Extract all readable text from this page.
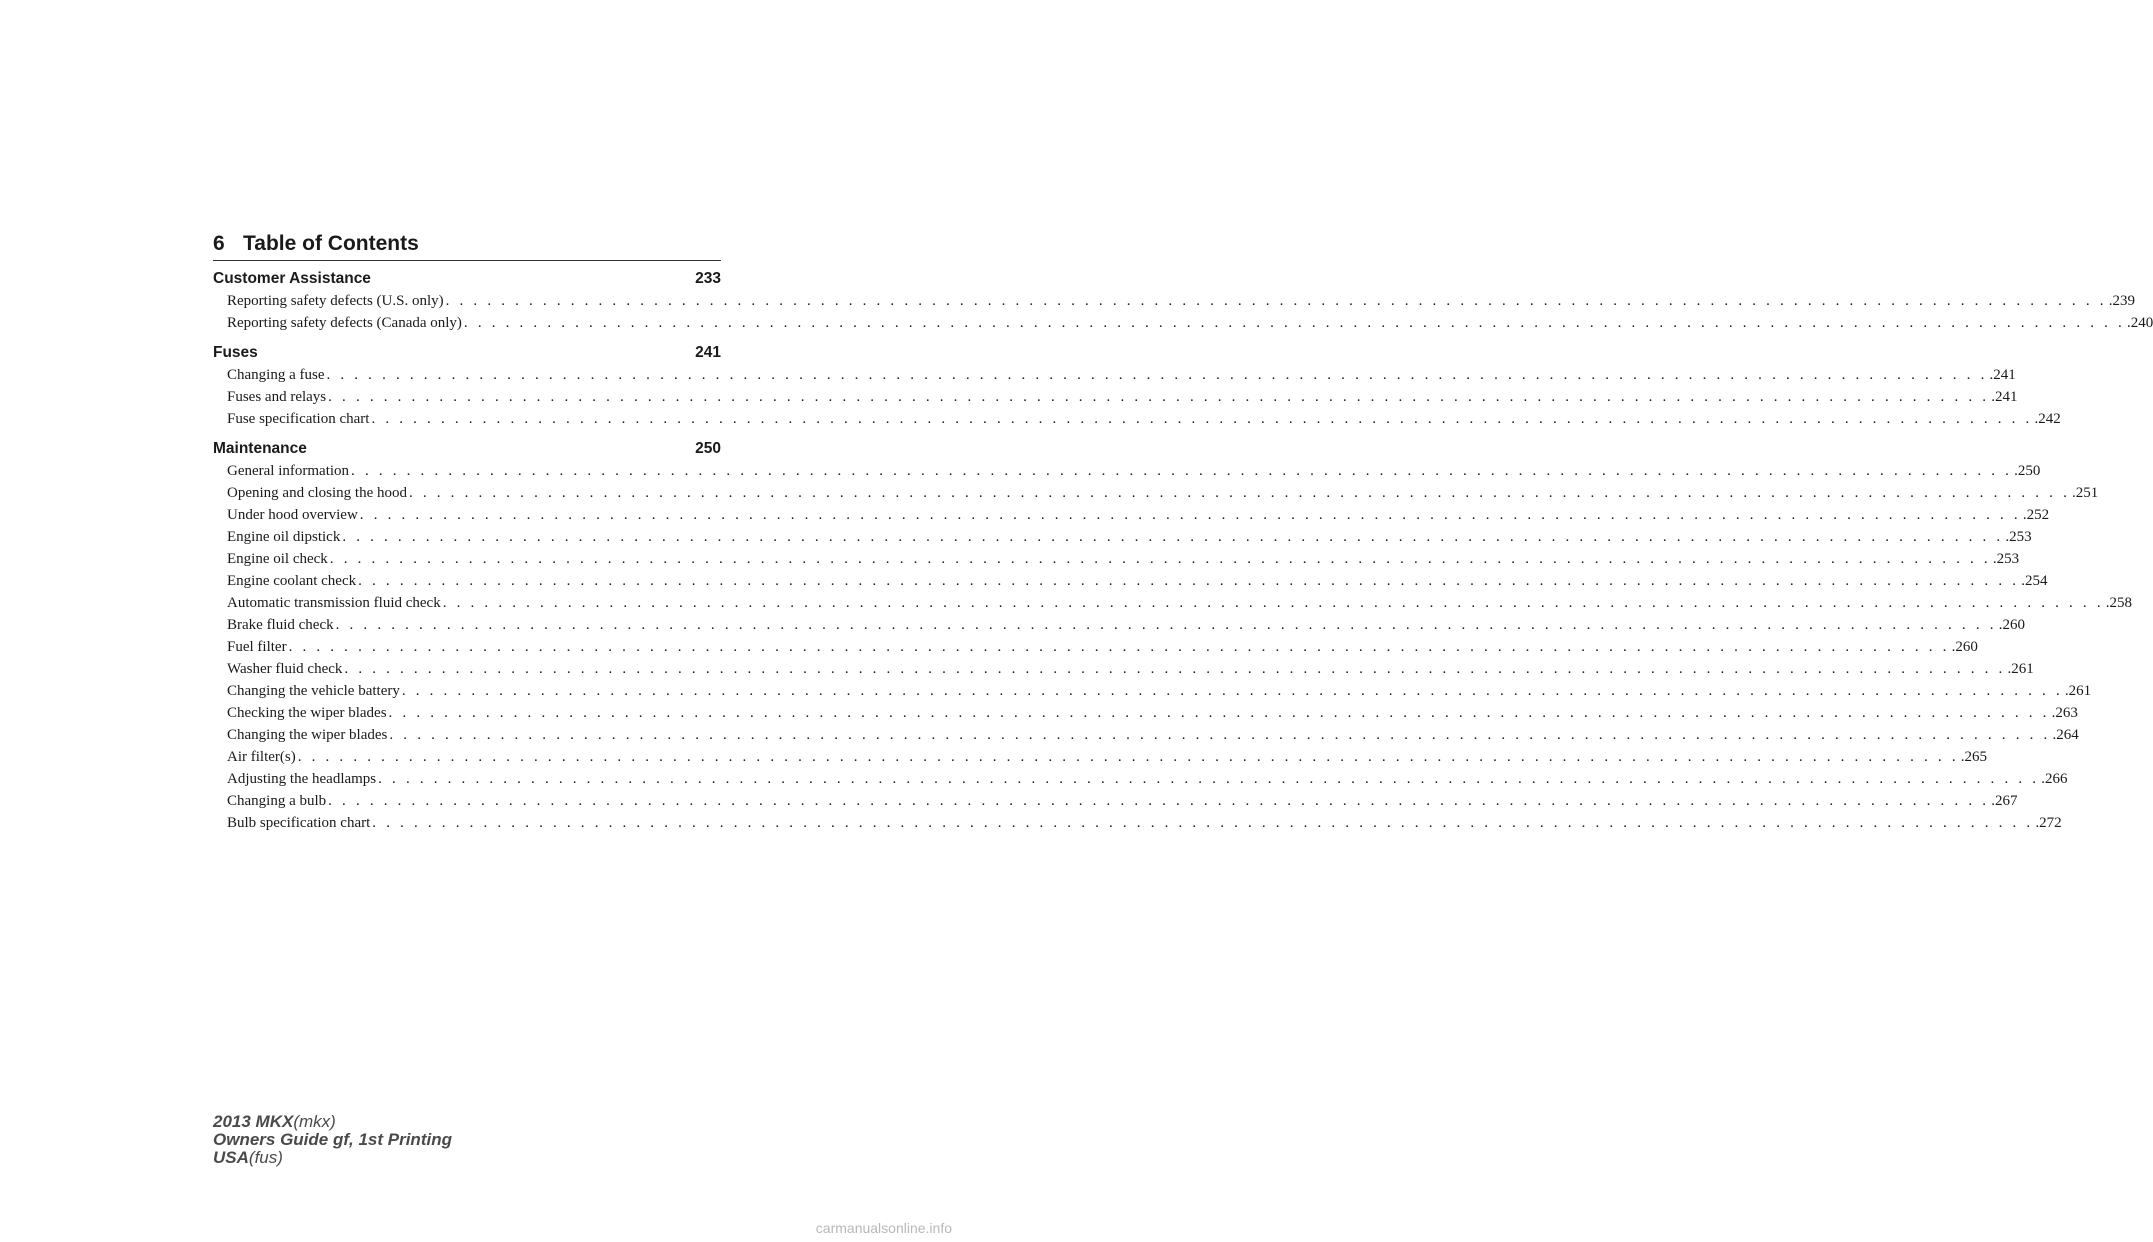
6 Table of Contents
Customer Assistance	233
Reporting safety defects (U.S. only) . . . . . . . . . . . . . . . . . . . . . . . . . . . . . . . . . . . . . . . . . . . . . . . . . . . . . . . . . . . . . . . . . . . . . . . . . . . . . . . . . . . . . . . . . . . . . . . . . . . . . . . . . . . . . . . . . . . . . . . . .239
Reporting safety defects (Canada only) . . . . . . . . . . . . . . . . . . . . . . . . . . . . . . . . . . . . . . . . . . . . . . . . . . . . . . . . . . . . . . . . . . . . . . . . . . . . . . . . . . . . . . . . . . . . . . . . . . . . . . . . . . . . . . . . . . . . . . . . .240
Fuses	241
Changing a fuse . . . . . . . . . . . . . . . . . . . . . . . . . . . . . . . . . . . . . . . . . . . . . . . . . . . . . . . . . . . . . . . . . . . . . . . . . . . . . . . . . . . . . . . . . . . . . . . . . . . . . . . . . . . . . . . . . . . . . . . . .241
Fuses and relays . . . . . . . . . . . . . . . . . . . . . . . . . . . . . . . . . . . . . . . . . . . . . . . . . . . . . . . . . . . . . . . . . . . . . . . . . . . . . . . . . . . . . . . . . . . . . . . . . . . . . . . . . . . . . . . . . . . . . . . . .241
Fuse specification chart . . . . . . . . . . . . . . . . . . . . . . . . . . . . . . . . . . . . . . . . . . . . . . . . . . . . . . . . . . . . . . . . . . . . . . . . . . . . . . . . . . . . . . . . . . . . . . . . . . . . . . . . . . . . . . . . . . . . . . . . .242
Maintenance	250
General information . . . . . . . . . . . . . . . . . . . . . . . . . . . . . . . . . . . . . . . . . . . . . . . . . . . . . . . . . . . . . . . . . . . . . . . . . . . . . . . . . . . . . . . . . . . . . . . . . . . . . . . . . . . . . . . . . . . . . . . . .250
Opening and closing the hood . . . . . . . . . . . . . . . . . . . . . . . . . . . . . . . . . . . . . . . . . . . . . . . . . . . . . . . . . . . . . . . . . . . . . . . . . . . . . . . . . . . . . . . . . . . . . . . . . . . . . . . . . . . . . . . . . . . . . . . . .251
Under hood overview . . . . . . . . . . . . . . . . . . . . . . . . . . . . . . . . . . . . . . . . . . . . . . . . . . . . . . . . . . . . . . . . . . . . . . . . . . . . . . . . . . . . . . . . . . . . . . . . . . . . . . . . . . . . . . . . . . . . . . . . .252
Engine oil dipstick . . . . . . . . . . . . . . . . . . . . . . . . . . . . . . . . . . . . . . . . . . . . . . . . . . . . . . . . . . . . . . . . . . . . . . . . . . . . . . . . . . . . . . . . . . . . . . . . . . . . . . . . . . . . . . . . . . . . . . . . .253
Engine oil check . . . . . . . . . . . . . . . . . . . . . . . . . . . . . . . . . . . . . . . . . . . . . . . . . . . . . . . . . . . . . . . . . . . . . . . . . . . . . . . . . . . . . . . . . . . . . . . . . . . . . . . . . . . . . . . . . . . . . . . . .253
Engine coolant check . . . . . . . . . . . . . . . . . . . . . . . . . . . . . . . . . . . . . . . . . . . . . . . . . . . . . . . . . . . . . . . . . . . . . . . . . . . . . . . . . . . . . . . . . . . . . . . . . . . . . . . . . . . . . . . . . . . . . . . . .254
Automatic transmission fluid check . . . . . . . . . . . . . . . . . . . . . . . . . . . . . . . . . . . . . . . . . . . . . . . . . . . . . . . . . . . . . . . . . . . . . . . . . . . . . . . . . . . . . . . . . . . . . . . . . . . . . . . . . . . . . . . . . . . . . . . . .258
Brake fluid check . . . . . . . . . . . . . . . . . . . . . . . . . . . . . . . . . . . . . . . . . . . . . . . . . . . . . . . . . . . . . . . . . . . . . . . . . . . . . . . . . . . . . . . . . . . . . . . . . . . . . . . . . . . . . . . . . . . . . . . . .260
Fuel filter . . . . . . . . . . . . . . . . . . . . . . . . . . . . . . . . . . . . . . . . . . . . . . . . . . . . . . . . . . . . . . . . . . . . . . . . . . . . . . . . . . . . . . . . . . . . . . . . . . . . . . . . . . . . . . . . . . . . . . . . .260
Washer fluid check . . . . . . . . . . . . . . . . . . . . . . . . . . . . . . . . . . . . . . . . . . . . . . . . . . . . . . . . . . . . . . . . . . . . . . . . . . . . . . . . . . . . . . . . . . . . . . . . . . . . . . . . . . . . . . . . . . . . . . . . .261
Changing the vehicle battery . . . . . . . . . . . . . . . . . . . . . . . . . . . . . . . . . . . . . . . . . . . . . . . . . . . . . . . . . . . . . . . . . . . . . . . . . . . . . . . . . . . . . . . . . . . . . . . . . . . . . . . . . . . . . . . . . . . . . . . . .261
Checking the wiper blades . . . . . . . . . . . . . . . . . . . . . . . . . . . . . . . . . . . . . . . . . . . . . . . . . . . . . . . . . . . . . . . . . . . . . . . . . . . . . . . . . . . . . . . . . . . . . . . . . . . . . . . . . . . . . . . . . . . . . . . . .263
Changing the wiper blades . . . . . . . . . . . . . . . . . . . . . . . . . . . . . . . . . . . . . . . . . . . . . . . . . . . . . . . . . . . . . . . . . . . . . . . . . . . . . . . . . . . . . . . . . . . . . . . . . . . . . . . . . . . . . . . . . . . . . . . . .264
Air filter(s) . . . . . . . . . . . . . . . . . . . . . . . . . . . . . . . . . . . . . . . . . . . . . . . . . . . . . . . . . . . . . . . . . . . . . . . . . . . . . . . . . . . . . . . . . . . . . . . . . . . . . . . . . . . . . . . . . . . . . . . . .265
Adjusting the headlamps . . . . . . . . . . . . . . . . . . . . . . . . . . . . . . . . . . . . . . . . . . . . . . . . . . . . . . . . . . . . . . . . . . . . . . . . . . . . . . . . . . . . . . . . . . . . . . . . . . . . . . . . . . . . . . . . . . . . . . . . .266
Changing a bulb . . . . . . . . . . . . . . . . . . . . . . . . . . . . . . . . . . . . . . . . . . . . . . . . . . . . . . . . . . . . . . . . . . . . . . . . . . . . . . . . . . . . . . . . . . . . . . . . . . . . . . . . . . . . . . . . . . . . . . . . .267
Bulb specification chart . . . . . . . . . . . . . . . . . . . . . . . . . . . . . . . . . . . . . . . . . . . . . . . . . . . . . . . . . . . . . . . . . . . . . . . . . . . . . . . . . . . . . . . . . . . . . . . . . . . . . . . . . . . . . . . . . . . . . . . . .272
2013 MKX(mkx)
Owners Guide gf, 1st Printing
USA(fus)
carmanualsonline.info
